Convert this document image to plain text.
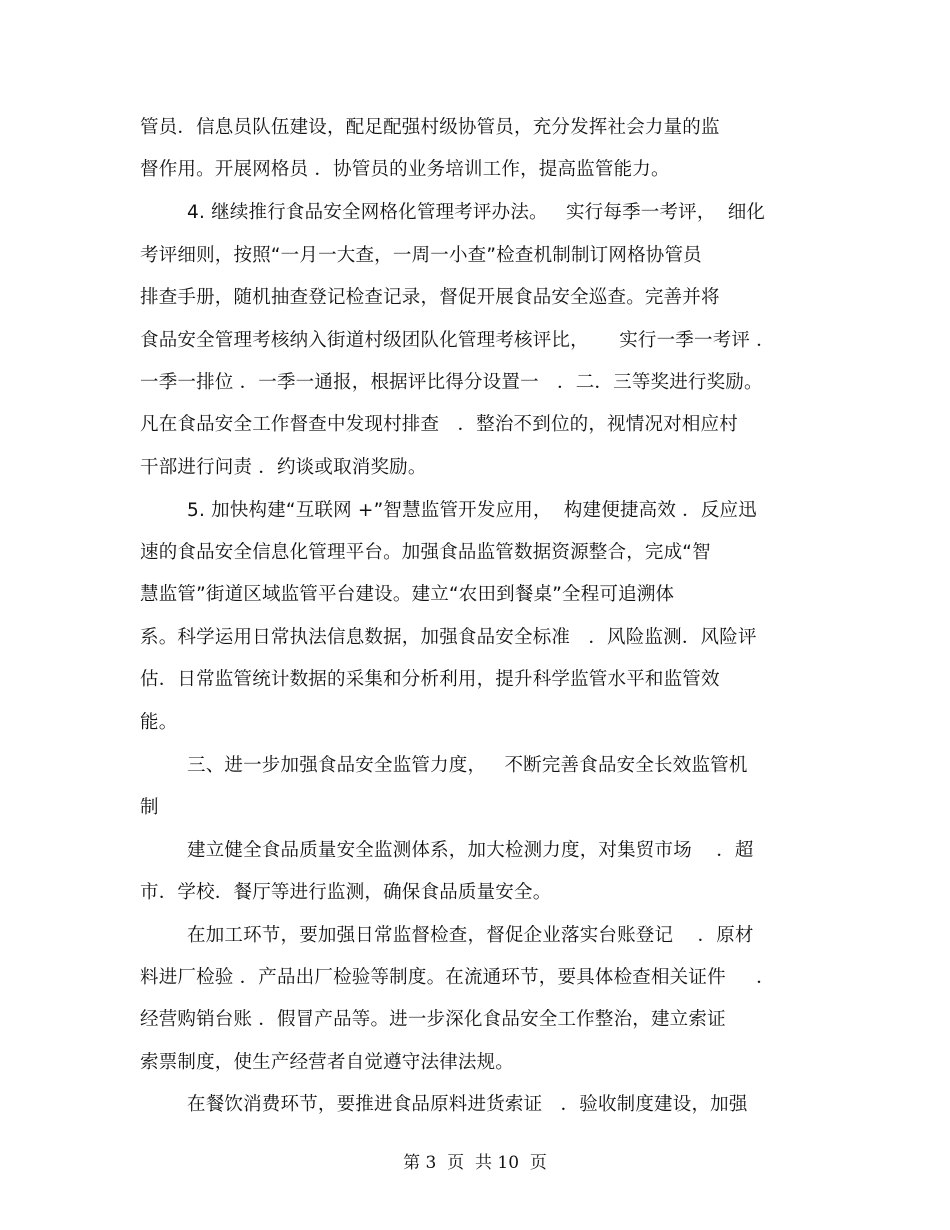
管员．信息员队伍建设，配足配强村级协管员，充分发挥社会力量的监
督作用。开展网格员 ．协管员的业务培训工作，提高监管能力。
4. 继续推行食品安全网格化管理考评办法。   实行每季一考评，  细化
考评细则，按照“一月一大查，一周一小查”检查机制制订网格协管员
排查手册，随机抽查登记检查记录，督促开展食品安全巡查。完善并将
食品安全管理考核纳入街道村级团队化管理考核评比，     实行一季一考评 ．
一季一排位 ．一季一通报，根据评比得分设置一   ．二．三等奖进行奖励。
凡在食品安全工作督查中发现村排查   ．整治不到位的，视情况对相应村
干部进行问责 ．约谈或取消奖励。
5. 加快构建“互联网 +”智慧监管开发应用，  构建便捷高效 ．反应迅
速的食品安全信息化管理平台。加强食品监管数据资源整合，完成“智
慧监管”街道区域监管平台建设。建立“农田到餐桌”全程可追溯体
系。科学运用日常执法信息数据，加强食品安全标准   ．风险监测．风险评
估．日常监管统计数据的采集和分析利用，提升科学监管水平和监管效
能。
三、进一步加强食品安全监管力度，   不断完善食品安全长效监管机
制
建立健全食品质量安全监测体系，加大检测力度，对集贸市场    ．超
市．学校．餐厅等进行监测，确保食品质量安全。
在加工环节，要加强日常监督检查，督促企业落实台账登记    ．原材
料进厂检验 ．产品出厂检验等制度。在流通环节，要具体检查相关证件     ．
经营购销台账 ．假冒产品等。进一步深化食品安全工作整治，建立索证
索票制度，使生产经营者自觉遵守法律法规。
在餐饮消费环节，要推进食品原料进货索证   ．验收制度建设，加强
第 3  页  共 10  页
